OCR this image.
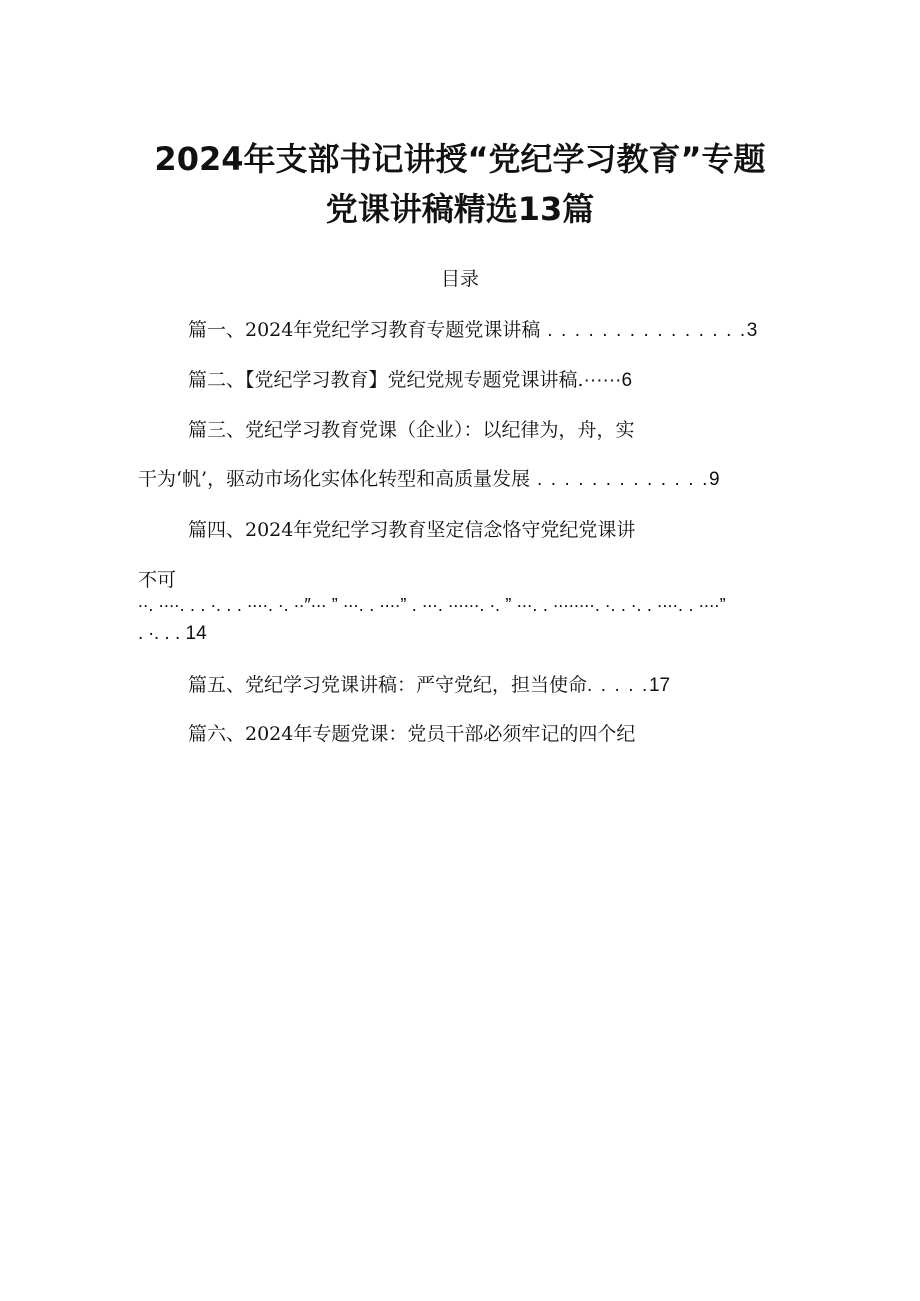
2024年支部书记讲授“党纪学习教育”专题
党课讲稿精选13篇
目录
篇一、2024年党纪学习教育专题党课讲稿 . . . . . . . . . . . . . . .3
篇二、【党纪学习教育】党纪党规专题党课讲稿.······6
篇三、党纪学习教育党课（企业）：以纪律为，舟，实
干为‘帆’，驱动市场化实体化转型和高质量发展 . . . . . . . . . . . . .9
篇四、2024年党纪学习教育坚定信念恪守党纪党课讲
不可
∙∙. ∙∙∙∙. . . ∙. . . ∙∙∙∙. ∙. ∙∙″∙∙∙ ” ∙∙∙. . ∙∙∙∙” . ∙∙∙. ∙∙∙∙∙∙. ∙. ” ∙∙∙. . ∙∙∙∙∙∙∙∙. ∙. . ∙. . ∙∙∙∙. . ∙∙∙∙”
. ∙. . . 14
篇五、党纪学习党课讲稿：严守党纪，担当使命. . . . .17
篇六、2024年专题党课：党员干部必须牢记的四个纪
